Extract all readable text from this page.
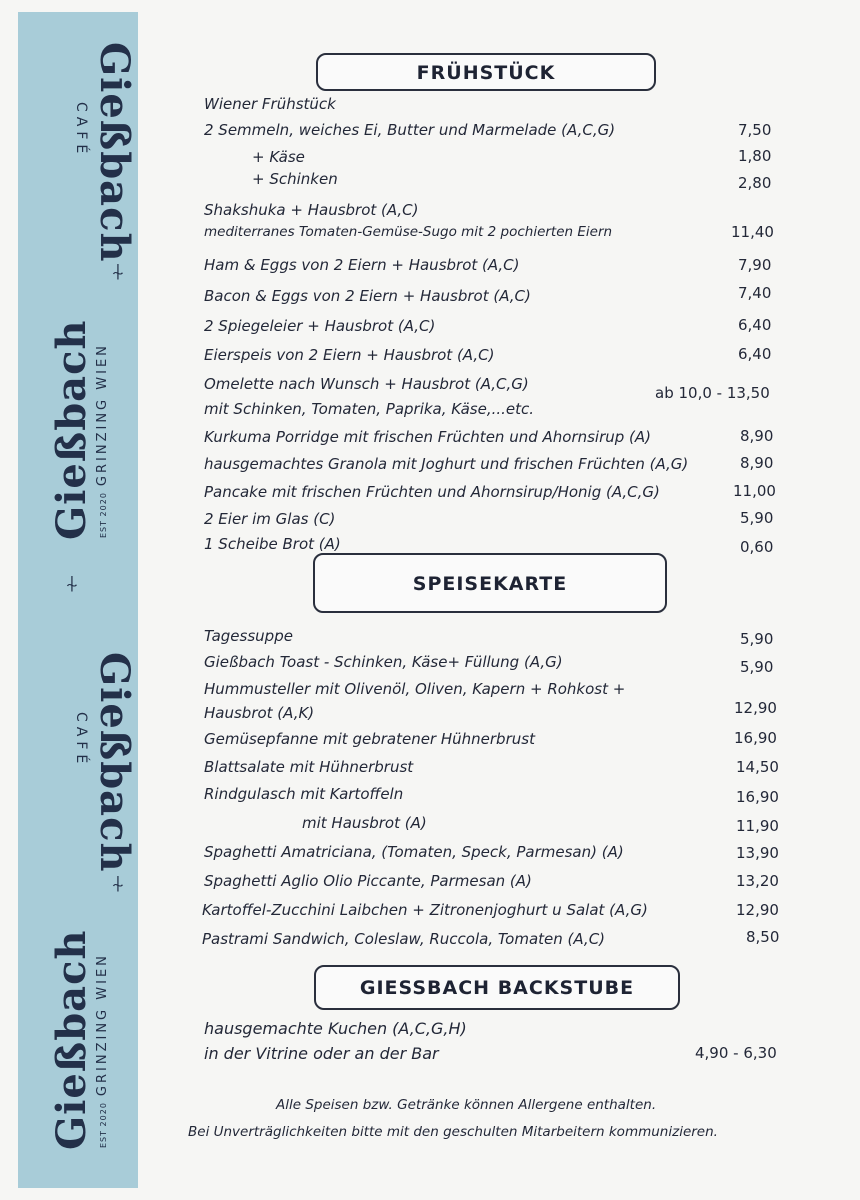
Gießbach
CAFÉ
⍭
Gießbach EST 2020GRINZING WIEN
⍭
Gießbach
CAFÉ
⍭
Gießbach EST 2020GRINZING WIEN
FRÜHSTÜCK
Wiener Frühstück
2 Semmeln, weiches Ei, Butter und Marmelade (A,C,G)	7,50
+ Käse	1,80
+ Schinken	2,80
Shakshuka + Hausbrot (A,C)
mediterranes Tomaten-Gemüse-Sugo mit 2 pochierten Eiern	11,40
Ham & Eggs von 2 Eiern + Hausbrot (A,C)	7,90
Bacon & Eggs von 2 Eiern + Hausbrot (A,C)	7,40
2 Spiegeleier + Hausbrot (A,C)	6,40
Eierspeis von 2 Eiern + Hausbrot (A,C)	6,40
Omelette nach Wunsch + Hausbrot (A,C,G)	ab 10,0 - 13,50
mit Schinken, Tomaten, Paprika, Käse,...etc.
Kurkuma Porridge mit frischen Früchten und Ahornsirup (A)	8,90
hausgemachtes Granola mit Joghurt und frischen Früchten (A,G)	8,90
Pancake mit frischen Früchten und Ahornsirup/Honig (A,C,G)	11,00
2 Eier im Glas (C)	5,90
1 Scheibe Brot (A)	0,60
SPEISEKARTE
Tagessuppe	5,90
Gießbach Toast - Schinken, Käse+ Füllung (A,G)	5,90
Hummusteller mit Olivenöl, Oliven, Kapern + Rohkost +
Hausbrot (A,K)	12,90
Gemüsepfanne mit gebratener Hühnerbrust	16,90
Blattsalate mit Hühnerbrust	14,50
Rindgulasch mit Kartoffeln	16,90
mit Hausbrot (A)	11,90
Spaghetti Amatriciana, (Tomaten, Speck, Parmesan) (A)	13,90
Spaghetti Aglio Olio Piccante, Parmesan (A)	13,20
Kartoffel-Zucchini Laibchen + Zitronenjoghurt u Salat (A,G)	12,90
Pastrami Sandwich, Coleslaw, Ruccola, Tomaten (A,C)	8,50
GIESSBACH BACKSTUBE
hausgemachte Kuchen (A,C,G,H)
in der Vitrine oder an der Bar	4,90 - 6,30
Alle Speisen bzw. Getränke können Allergene enthalten.
Bei Unverträglichkeiten bitte mit den geschulten Mitarbeitern kommunizieren.
